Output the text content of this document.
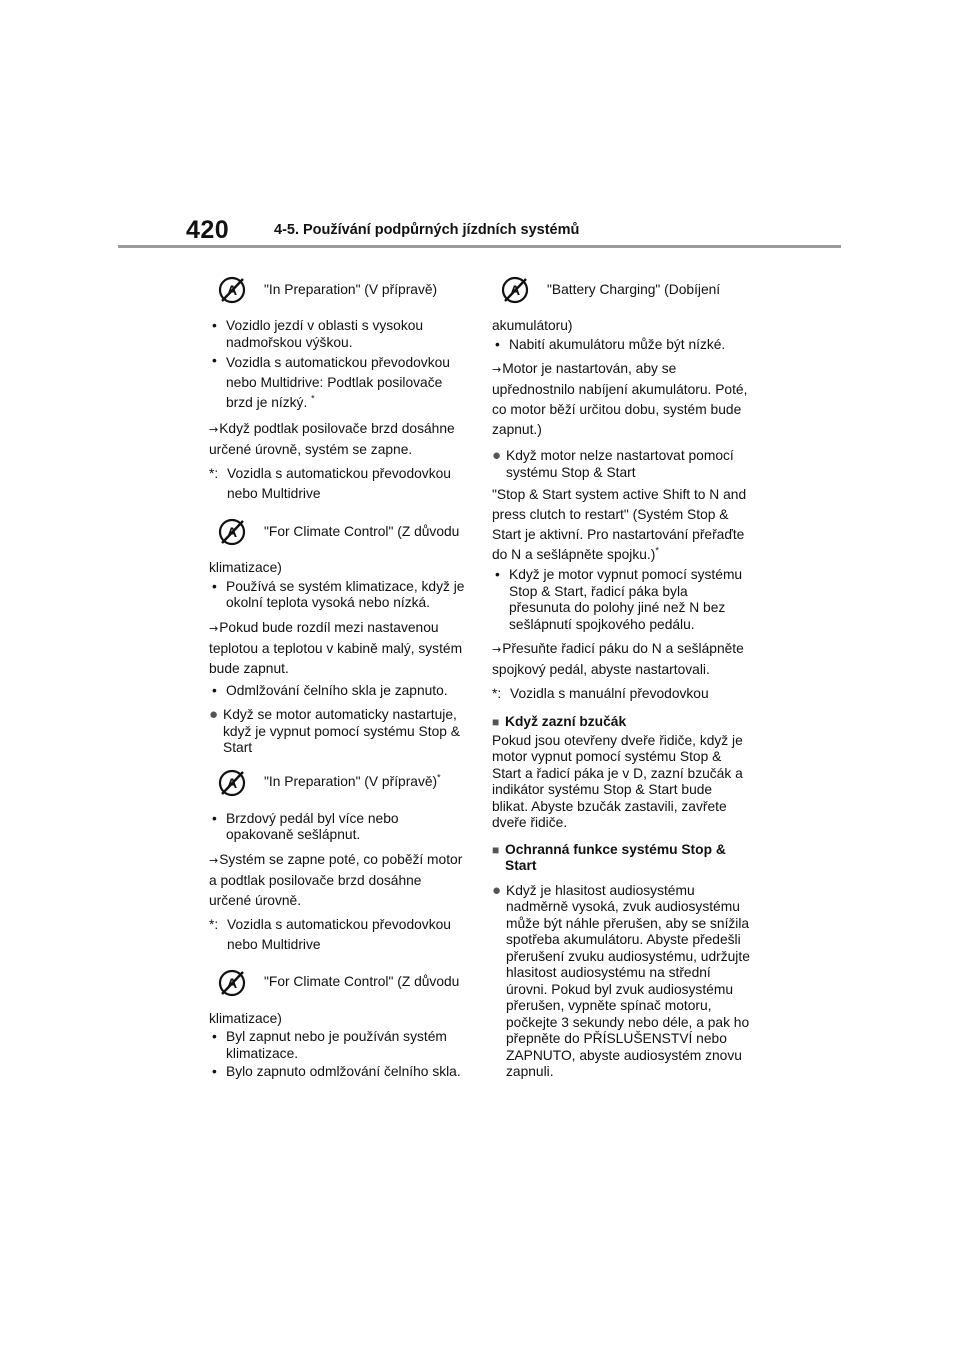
420	4-5. Používání podpůrných jízdních systémů
"In Preparation" (V přípravě)
• Vozidlo jezdí v oblasti s vysokou nadmořskou výškou.
• Vozidla s automatickou převodovkou nebo Multidrive: Podtlak posilovače brzd je nízký. *
→Když podtlak posilovače brzd dosáhne určené úrovně, systém se zapne.
*: Vozidla s automatickou převodovkou nebo Multidrive
"For Climate Control" (Z důvodu
klimatizace)
• Používá se systém klimatizace, když je okolní teplota vysoká nebo nízká.
→Pokud bude rozdíl mezi nastavenou teplotou a teplotou v kabině malý, systém bude zapnut.
• Odmlžování čelního skla je zapnuto.
● Když se motor automaticky nastartuje, když je vypnut pomocí systému Stop & Start
"In Preparation" (V přípravě)*
• Brzdový pedál byl více nebo opakovaně sešlápnut.
→Systém se zapne poté, co poběží motor a podtlak posilovače brzd dosáhne určené úrovně.
*: Vozidla s automatickou převodovkou nebo Multidrive
"For Climate Control" (Z důvodu
klimatizace)
• Byl zapnut nebo je používán systém klimatizace.
• Bylo zapnuto odmlžování čelního skla.
"Battery Charging" (Dobíjení
akumulátoru)
• Nabití akumulátoru může být nízké.
→Motor je nastartován, aby se upřednostnilo nabíjení akumulátoru. Poté, co motor běží určitou dobu, systém bude zapnut.)
● Když motor nelze nastartovat pomocí systému Stop & Start
"Stop & Start system active Shift to N and press clutch to restart" (Systém Stop & Start je aktivní. Pro nastartování přeřaďte do N a sešlápněte spojku.)*
• Když je motor vypnut pomocí systému Stop & Start, řadicí páka byla přesunuta do polohy jiné než N bez sešlápnutí spojkového pedálu.
→Přesuňte řadicí páku do N a sešlápněte spojkový pedál, abyste nastartovali.
*: Vozidla s manuální převodovkou
■ Když zazní bzučák
Pokud jsou otevřeny dveře řidiče, když je motor vypnut pomocí systému Stop & Start a řadicí páka je v D, zazní bzučák a indikátor systému Stop & Start bude blikat. Abyste bzučák zastavili, zavřete dveře řidiče.
■ Ochranná funkce systému Stop & Start
● Když je hlasitost audiosystému nadměrně vysoká, zvuk audiosystému může být náhle přerušen, aby se snížila spotřeba akumulátoru. Abyste předešli přerušení zvuku audiosystému, udržujte hlasitost audiosystému na střední úrovni. Pokud byl zvuk audiosystému přerušen, vypněte spínač motoru, počkejte 3 sekundy nebo déle, a pak ho přepněte do PŘÍSLUŠENSTVÍ nebo ZAPNUTO, abyste audiosystém znovu zapnuli.
